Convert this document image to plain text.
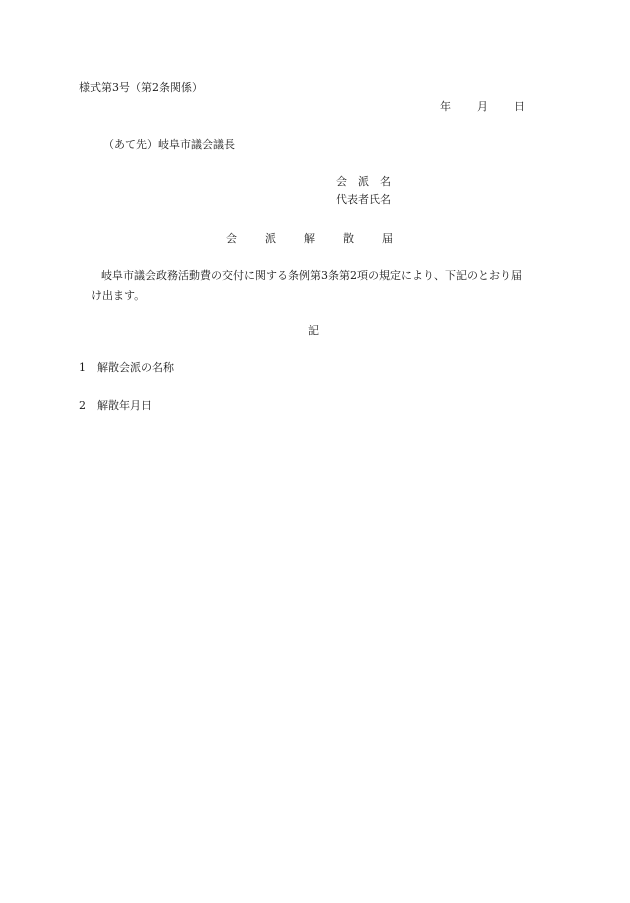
様式第3号（第2条関係）
年 月 日
（あて先）岐阜市議会議長
会　派　名
代表者氏名
会	派	解	散	届
岐阜市議会政務活動費の交付に関する条例第3条第2項の規定により、下記のとおり届
け出ます。
記
1 解散会派の名称
2 解散年月日
